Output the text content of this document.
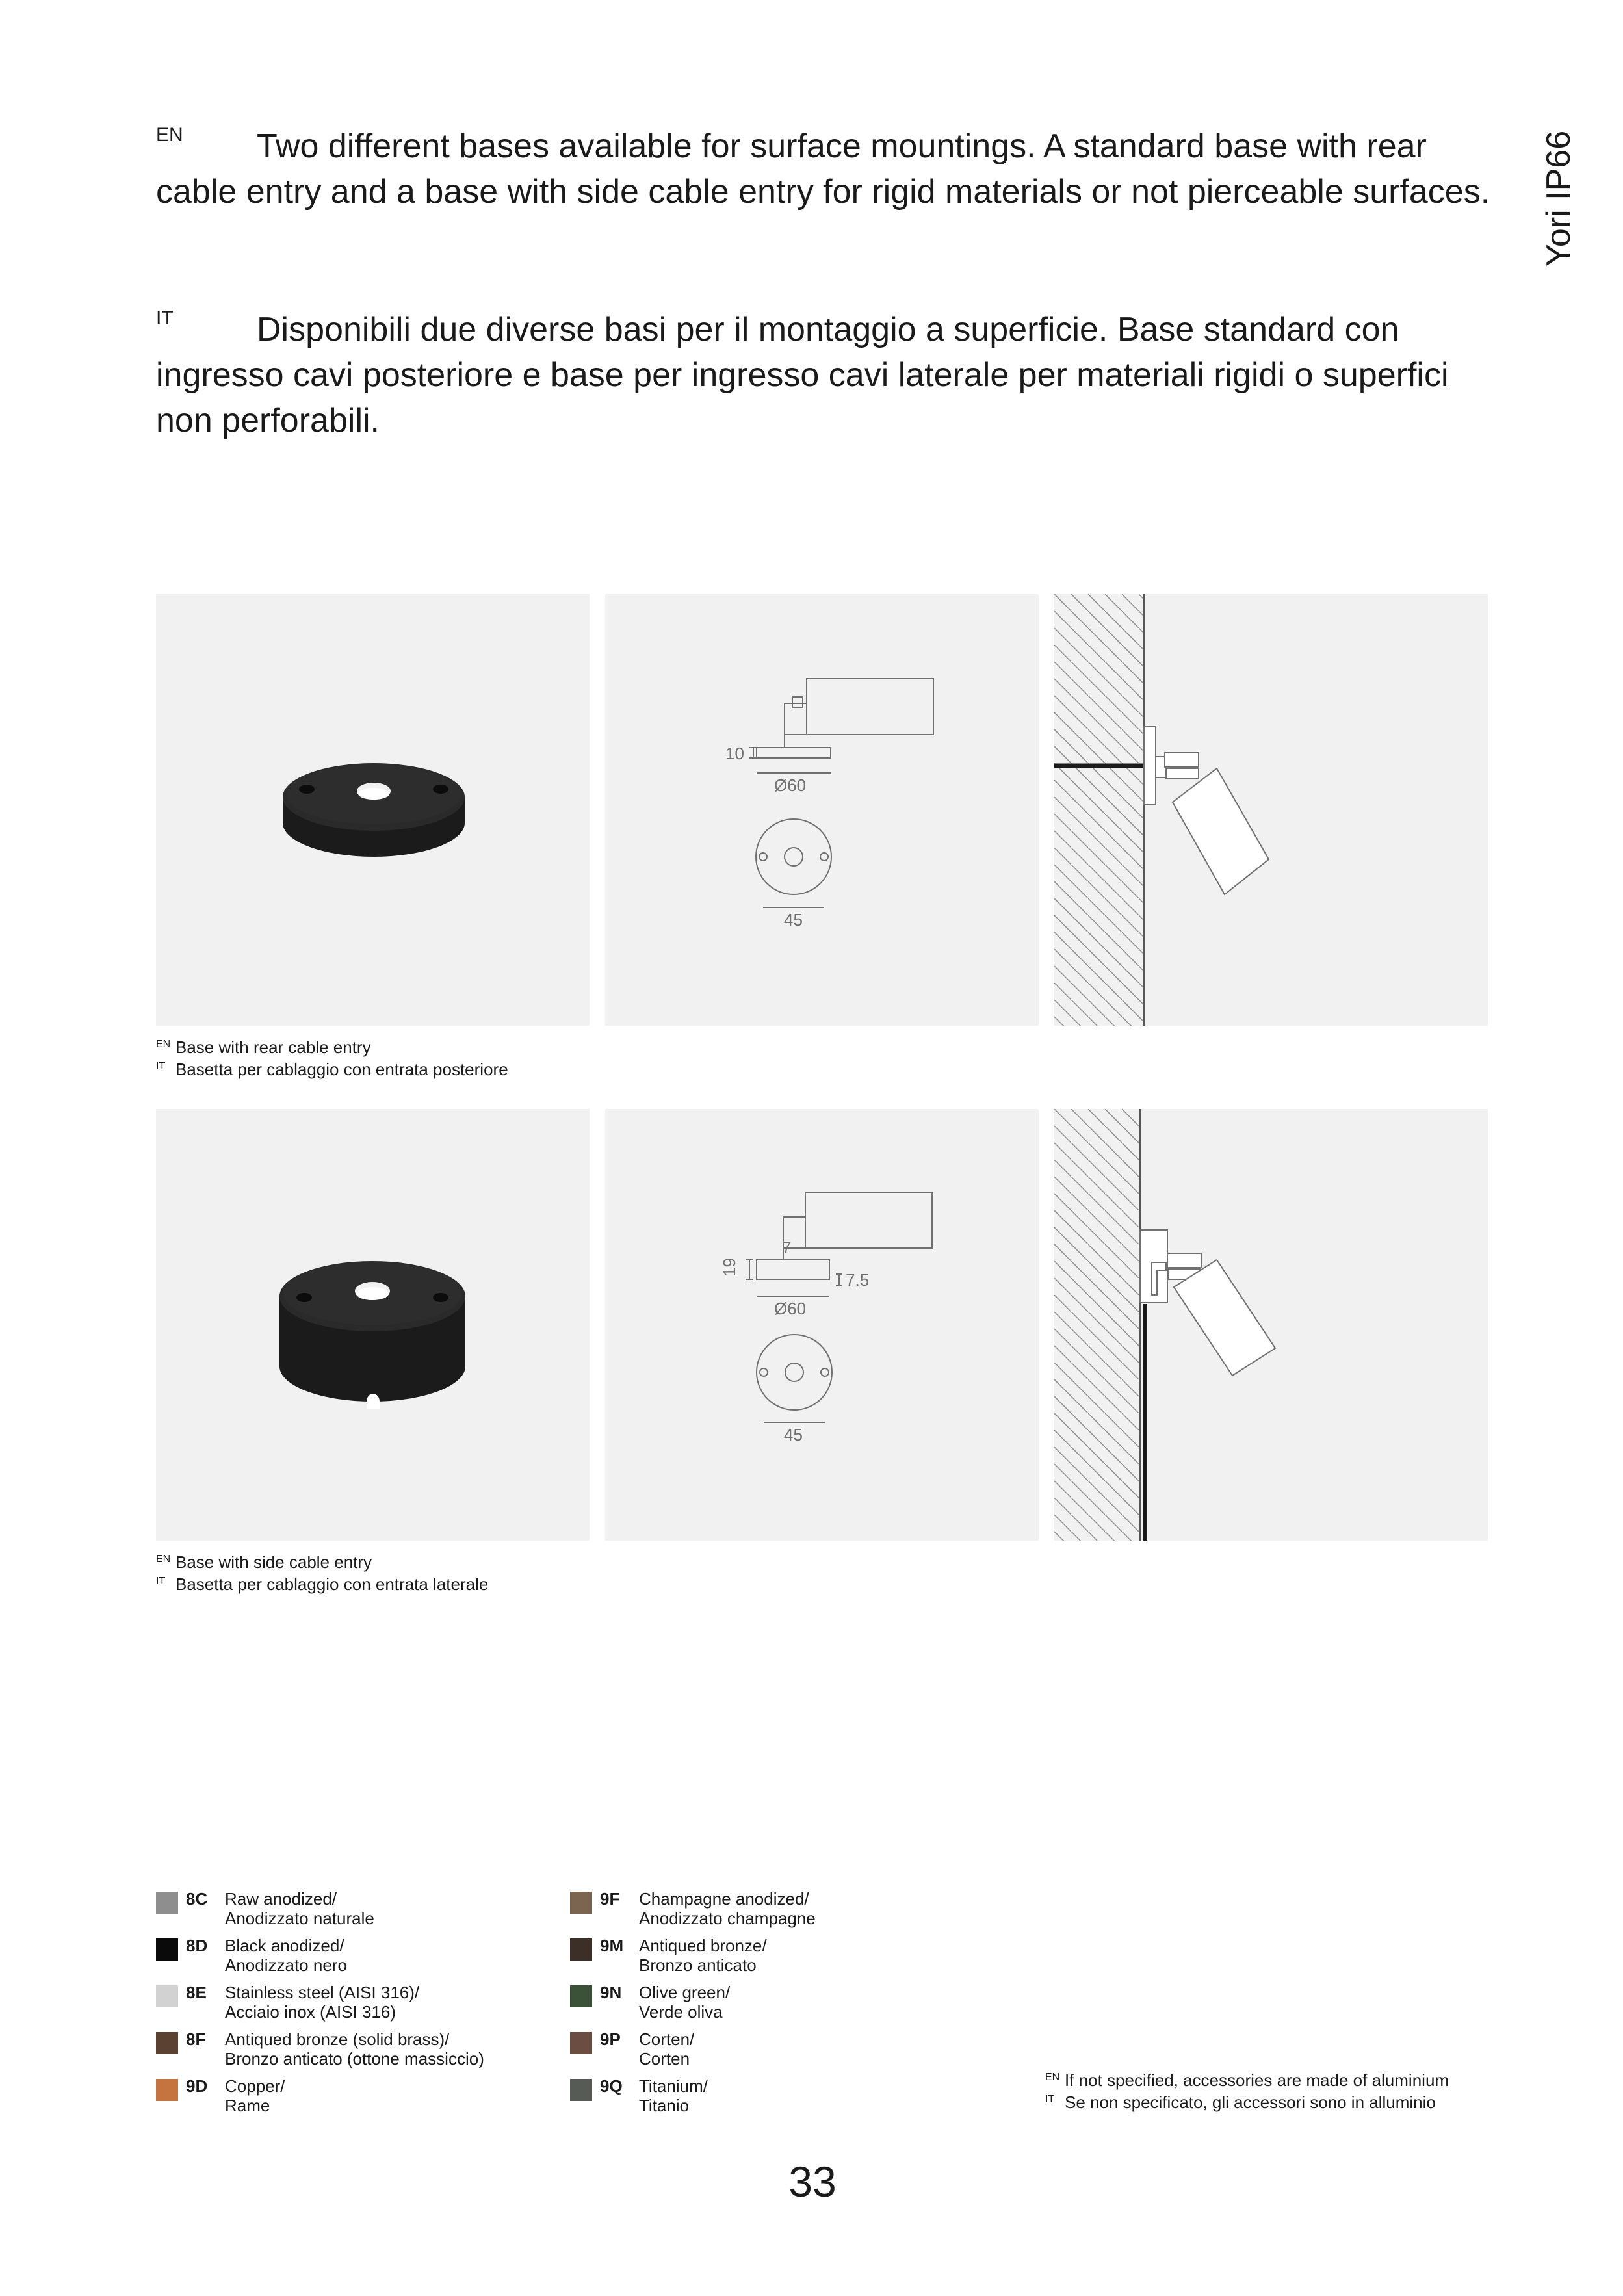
Yori IP66
EN Two different bases available for surface mountings. A standard base with rear cable entry and a base with side cable entry for rigid materials or not pierceable surfaces.
IT Disponibili due diverse basi per il montaggio a superficie. Base standard con ingresso cavi posteriore e base per ingresso cavi laterale per materiali rigidi o superfici non perforabili.
10
Ø60
45
EN Base with rear cable entry
IT Basetta per cablaggio con entrata posteriore
19
7
7.5
Ø60
45
EN Base with side cable entry
IT Basetta per cablaggio con entrata laterale
8C Raw anodized/
Anodizzato naturale
8D Black anodized/
Anodizzato nero
8E Stainless steel (AISI 316)/
Acciaio inox (AISI 316)
8F Antiqued bronze (solid brass)/
Bronzo anticato (ottone massiccio)
9D Copper/
Rame
9F Champagne anodized/
Anodizzato champagne
9M Antiqued bronze/
Bronzo anticato
9N Olive green/
Verde oliva
9P Corten/
Corten
9Q Titanium/
Titanio
EN If not specified, accessories are made of aluminium
IT Se non specificato, gli accessori sono in alluminio
33
